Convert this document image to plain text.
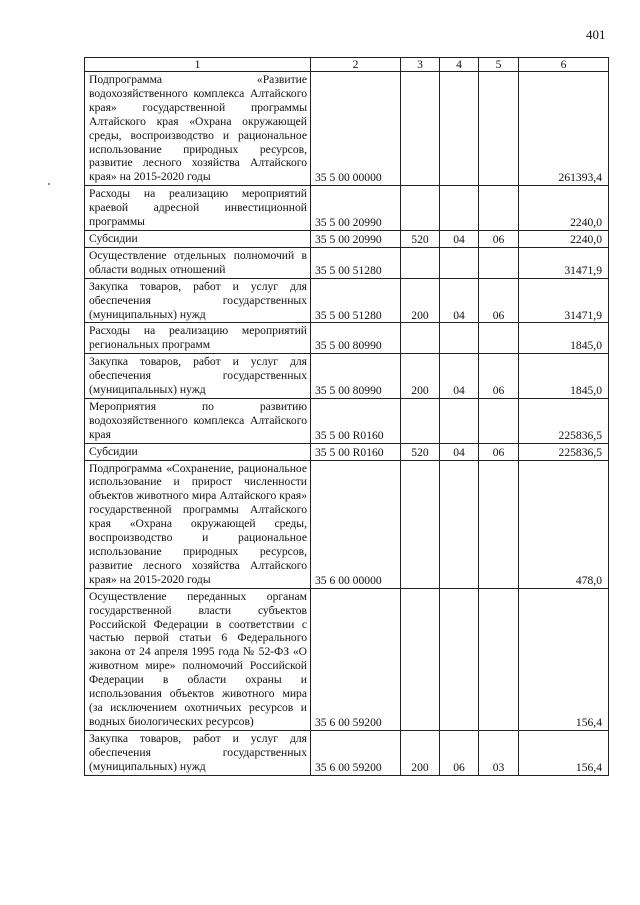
401
1	2	3	4	5	6
Подпрограмма «Развитие водохозяйственного комплекса Алтайского края» государственной программы Алтайского края «Охрана окружающей среды, воспроизводство и рациональное использование природных ресурсов, развитие лесного хозяйства Алтайского края» на 2015-2020 годы	35 5 00 00000				261393,4
Расходы на реализацию мероприятий краевой адресной инвестиционной программы	35 5 00 20990				2240,0
Субсидии	35 5 00 20990	520	04	06	2240,0
Осуществление отдельных полномочий в области водных отношений	35 5 00 51280				31471,9
Закупка товаров, работ и услуг для обеспечения государственных (муниципальных) нужд	35 5 00 51280	200	04	06	31471,9
Расходы на реализацию мероприятий региональных программ	35 5 00 80990				1845,0
Закупка товаров, работ и услуг для обеспечения государственных (муниципальных) нужд	35 5 00 80990	200	04	06	1845,0
Мероприятия по развитию водохозяйственного комплекса Алтайского края	35 5 00 R0160				225836,5
Субсидии	35 5 00 R0160	520	04	06	225836,5
Подпрограмма «Сохранение, рациональное использование и прирост численности объектов животного мира Алтайского края» государственной программы Алтайского края «Охрана окружающей среды, воспроизводство и рациональное использование природных ресурсов, развитие лесного хозяйства Алтайского края» на 2015-2020 годы	35 6 00 00000				478,0
Осуществление переданных органам государственной власти субъектов Российской Федерации в соответствии с частью первой статьи 6 Федерального закона от 24 апреля 1995 года № 52-ФЗ «О животном мире» полномочий Российской Федерации в области охраны и использования объектов животного мира (за исключением охотничьих ресурсов и водных биологических ресурсов)	35 6 00 59200				156,4
Закупка товаров, работ и услуг для обеспечения государственных (муниципальных) нужд	35 6 00 59200	200	06	03	156,4
